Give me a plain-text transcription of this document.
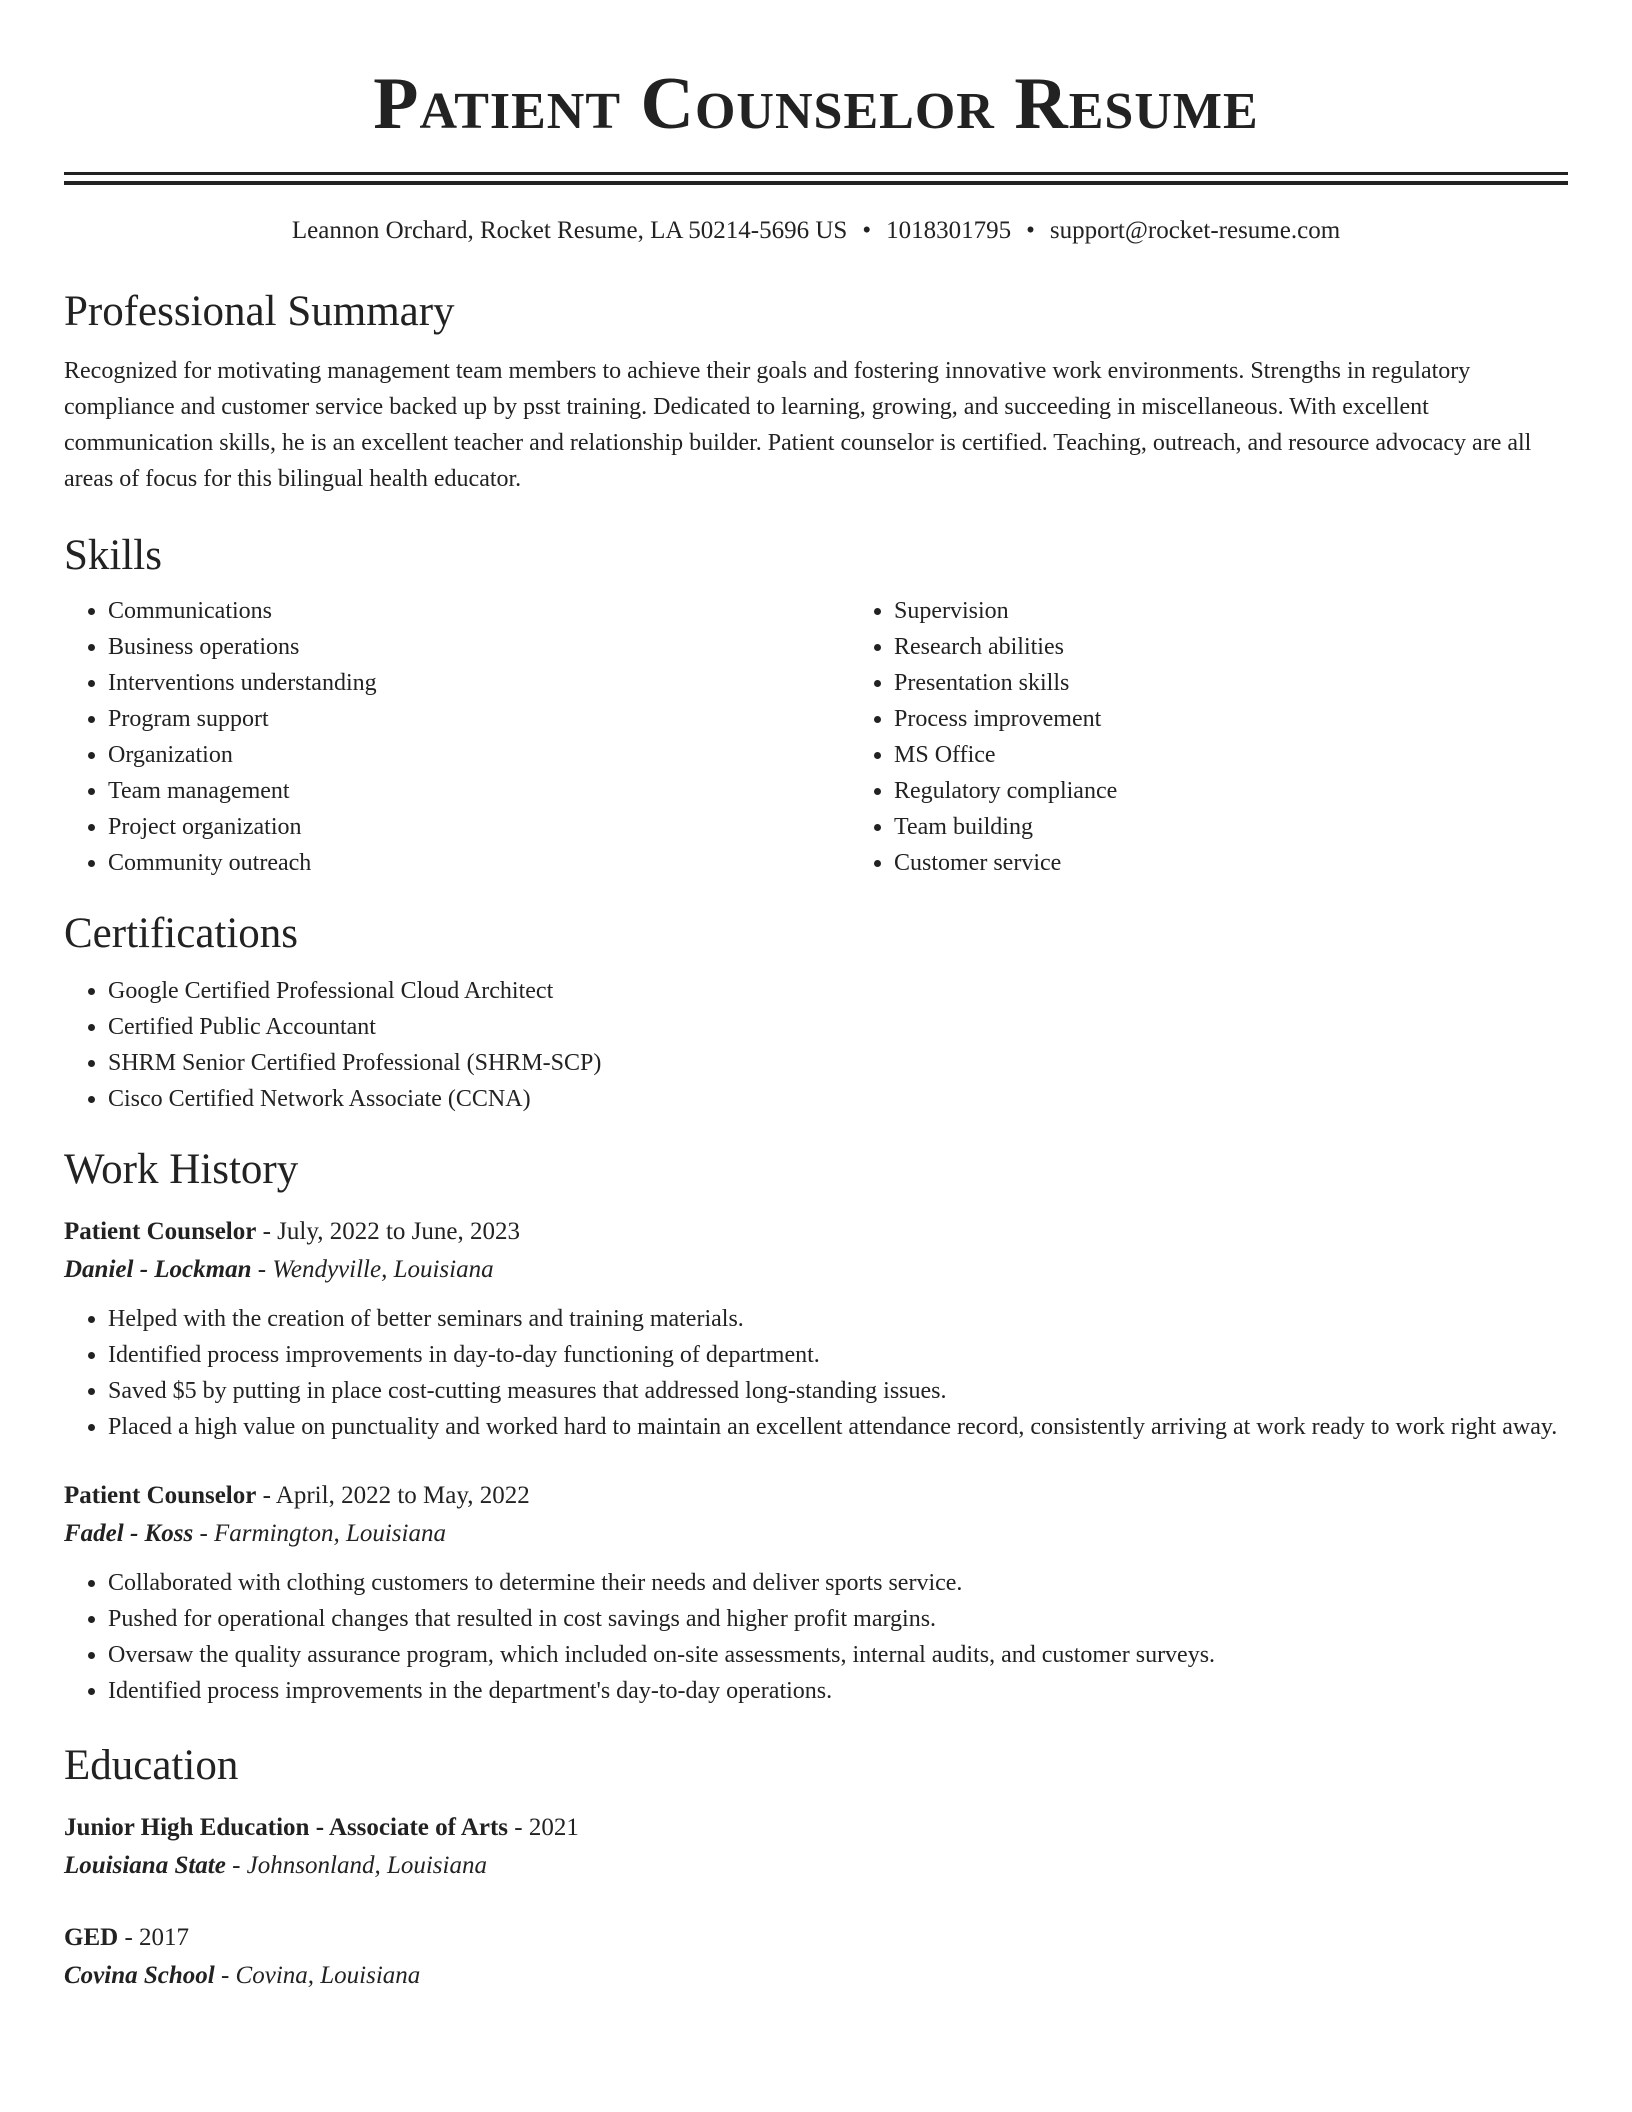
Patient Counselor Resume
Leannon Orchard, Rocket Resume, LA 50214-5696 US • 1018301795 • support@rocket-resume.com
Professional Summary

Recognized for motivating management team members to achieve their goals and fostering innovative work environments. Strengths in regulatory compliance and customer service backed up by psst training. Dedicated to learning, growing, and succeeding in miscellaneous. With excellent communication skills, he is an excellent teacher and relationship builder. Patient counselor is certified. Teaching, outreach, and resource advocacy are all areas of focus for this bilingual health educator.

Skills
• Communications
• Business operations
• Interventions understanding
• Program support
• Organization
• Team management
• Project organization
• Community outreach
• Supervision
• Research abilities
• Presentation skills
• Process improvement
• MS Office
• Regulatory compliance
• Team building
• Customer service
Certifications
• Google Certified Professional Cloud Architect
• Certified Public Accountant
• SHRM Senior Certified Professional (SHRM-SCP)
• Cisco Certified Network Associate (CCNA)
Work History
Patient Counselor - July, 2022 to June, 2023
Daniel - Lockman - Wendyville, Louisiana
• Helped with the creation of better seminars and training materials.
• Identified process improvements in day-to-day functioning of department.
• Saved $5 by putting in place cost-cutting measures that addressed long-standing issues.
• Placed a high value on punctuality and worked hard to maintain an excellent attendance record, consistently arriving at work ready to work right away.
Patient Counselor - April, 2022 to May, 2022
Fadel - Koss - Farmington, Louisiana
• Collaborated with clothing customers to determine their needs and deliver sports service.
• Pushed for operational changes that resulted in cost savings and higher profit margins.
• Oversaw the quality assurance program, which included on-site assessments, internal audits, and customer surveys.
• Identified process improvements in the department's day-to-day operations.
Education
Junior High Education - Associate of Arts - 2021
Louisiana State - Johnsonland, Louisiana
GED - 2017
Covina School - Covina, Louisiana
